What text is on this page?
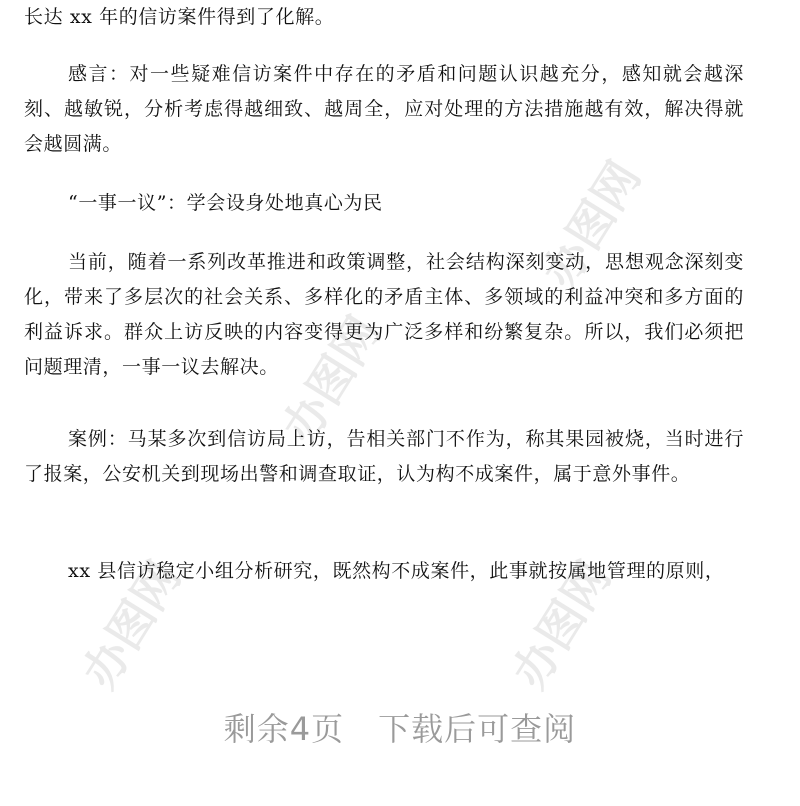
办图网
办图网
办图网	办图网

长达 xx 年的信访案件得到了化解。

感言：对一些疑难信访案件中存在的矛盾和问题认识越充分，感知就会越深刻、越敏锐，分析考虑得越细致、越周全，应对处理的方法措施越有效，解决得就会越圆满。

“一事一议”：学会设身处地真心为民

当前，随着一系列改革推进和政策调整，社会结构深刻变动，思想观念深刻变化，带来了多层次的社会关系、多样化的矛盾主体、多领域的利益冲突和多方面的利益诉求。群众上访反映的内容变得更为广泛多样和纷繁复杂。所以，我们必须把问题理清，一事一议去解决。

案例：马某多次到信访局上访，告相关部门不作为，称其果园被烧，当时进行了报案，公安机关到现场出警和调查取证，认为构不成案件，属于意外事件。

xx 县信访稳定小组分析研究，既然构不成案件，此事就按属地管理的原则，

剩余4页 下载后可查阅
